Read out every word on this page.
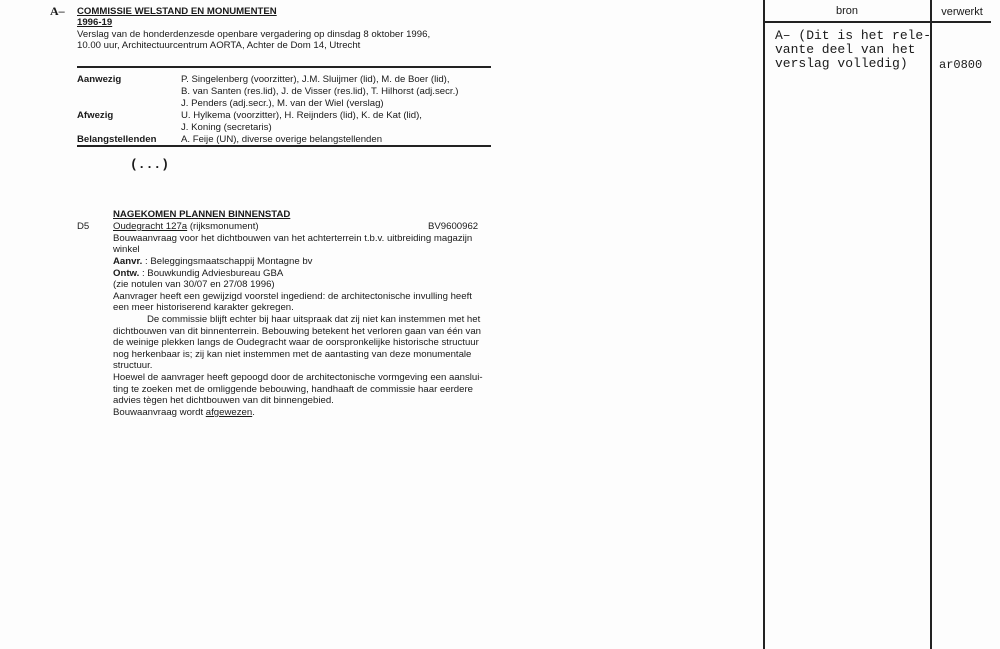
A– COMMISSIE WELSTAND EN MONUMENTEN
1996-19
Verslag van de honderdenzesde openbare vergadering op dinsdag 8 oktober 1996,
10.00 uur, Architectuurcentrum AORTA, Achter de Dom 14, Utrecht
Aanwezig	P. Singelenberg (voorzitter), J.M. Sluijmer (lid), M. de Boer (lid),
B. van Santen (res.lid), J. de Visser (res.lid), T. Hilhorst (adj.secr.)
J. Penders (adj.secr.), M. van der Wiel (verslag)
Afwezig	U. Hylkema (voorzitter), H. Reijnders (lid), K. de Kat (lid),
J. Koning (secretaris)
Belangstellenden	A. Feije (UN), diverse overige belangstellenden
(...)
NAGEKOMEN PLANNEN BINNENSTAD
D5 Oudegracht 127a (rijksmonument)	BV9600962
Bouwaanvraag voor het dichtbouwen van het achterterrein t.b.v. uitbreiding magazijn
winkel
Aanvr. : Beleggingsmaatschappij Montagne bv
Ontw. : Bouwkundig Adviesbureau GBA
(zie notulen van 30/07 en 27/08 1996)
Aanvrager heeft een gewijzigd voorstel ingediend: de architectonische invulling heeft
een meer historiserend karakter gekregen.
De commissie blijft echter bij haar uitspraak dat zij niet kan instemmen met het
dichtbouwen van dit binnenterrein. Bebouwing betekent het verloren gaan van één van
de weinige plekken langs de Oudegracht waar de oorspronkelijke historische structuur
nog herkenbaar is; zij kan niet instemmen met de aantasting van deze monumentale
structuur.
Hoewel de aanvrager heeft gepoogd door de architectonische vormgeving een aanslui-
ting te zoeken met de omliggende bebouwing, handhaaft de commissie haar eerdere
advies tègen het dichtbouwen van dit binnengebied.
Bouwaanvraag wordt afgewezen.
bron	verwerkt
A– (Dit is het rele-
vante deel van het
verslag volledig)	ar0800
